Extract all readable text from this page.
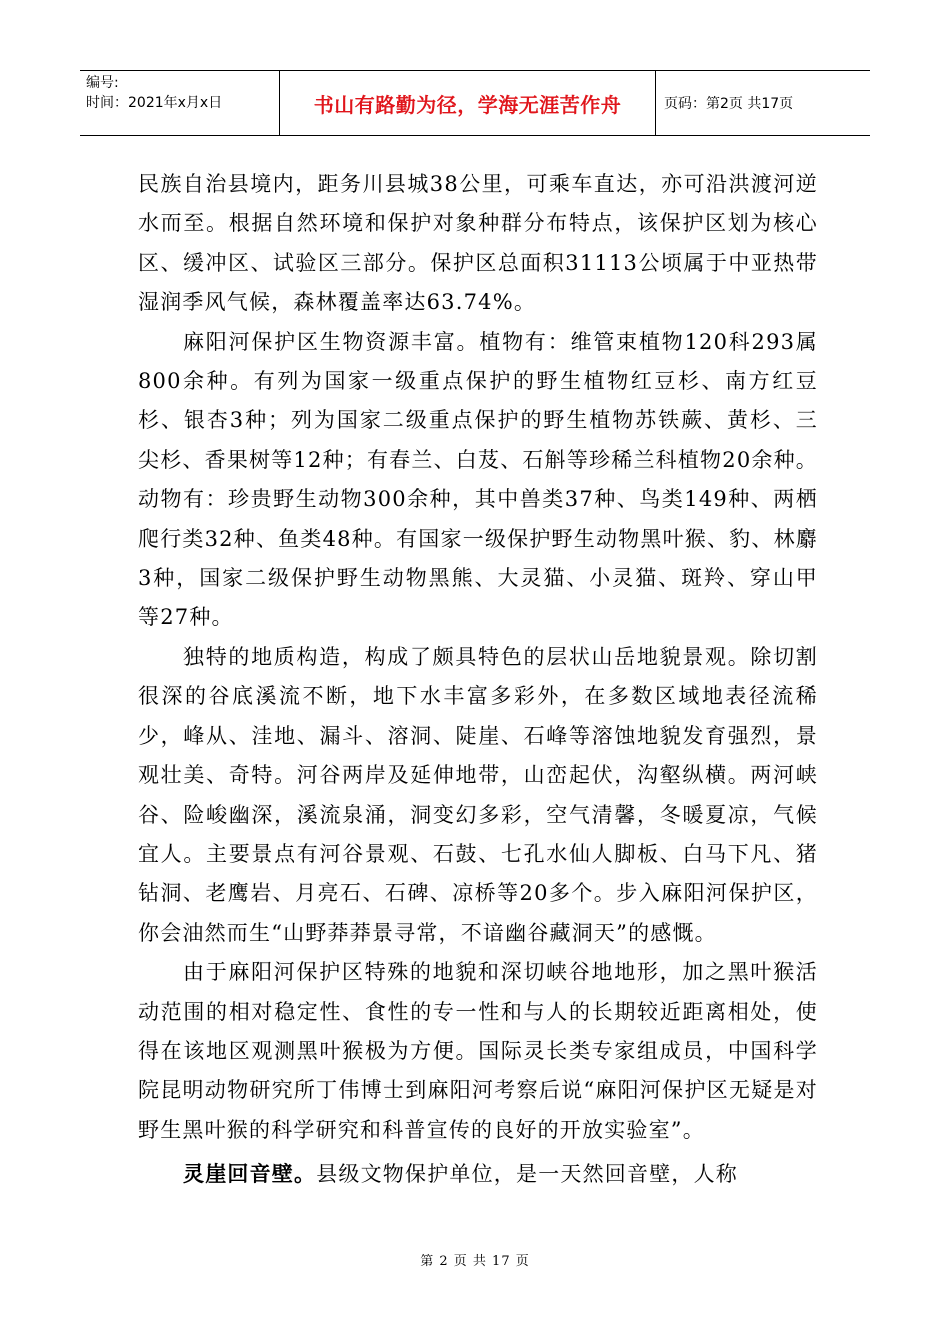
编号:
时间：2021年x月x日	书山有路勤为径，学海无涯苦作舟	页码：第2页 共17页

民族自治县境内，距务川县城38公里，可乘车直达，亦可沿洪渡河逆水而至。根据自然环境和保护对象种群分布特点，该保护区划为核心区、缓冲区、试验区三部分。保护区总面积31113公顷属于中亚热带湿润季风气候，森林覆盖率达63.74%。

麻阳河保护区生物资源丰富。植物有：维管束植物120科293属800余种。有列为国家一级重点保护的野生植物红豆杉、南方红豆杉、银杏3种；列为国家二级重点保护的野生植物苏铁蕨、黄杉、三尖杉、香果树等12种；有春兰、白芨、石斛等珍稀兰科植物20余种。动物有：珍贵野生动物300余种，其中兽类37种、鸟类149种、两栖爬行类32种、鱼类48种。有国家一级保护野生动物黑叶猴、豹、林麝3种，国家二级保护野生动物黑熊、大灵猫、小灵猫、斑羚、穿山甲等27种。

独特的地质构造，构成了颇具特色的层状山岳地貌景观。除切割很深的谷底溪流不断，地下水丰富多彩外，在多数区域地表径流稀少，峰从、洼地、漏斗、溶洞、陡崖、石峰等溶蚀地貌发育强烈，景观壮美、奇特。河谷两岸及延伸地带，山峦起伏，沟壑纵横。两河峡谷、险峻幽深，溪流泉涌，洞变幻多彩，空气清馨，冬暖夏凉，气候宜人。主要景点有河谷景观、石鼓、七孔水仙人脚板、白马下凡、猪钻洞、老鹰岩、月亮石、石碑、凉桥等20多个。步入麻阳河保护区，你会油然而生“山野莽莽景寻常，不谙幽谷藏洞天”的感慨。

由于麻阳河保护区特殊的地貌和深切峡谷地地形，加之黑叶猴活动范围的相对稳定性、食性的专一性和与人的长期较近距离相处，使得在该地区观测黑叶猴极为方便。国际灵长类专家组成员，中国科学院昆明动物研究所丁伟博士到麻阳河考察后说“麻阳河保护区无疑是对野生黑叶猴的科学研究和科普宣传的良好的开放实验室”。

灵崖回音壁。县级文物保护单位，是一天然回音壁，人称

第 2 页 共 17 页
